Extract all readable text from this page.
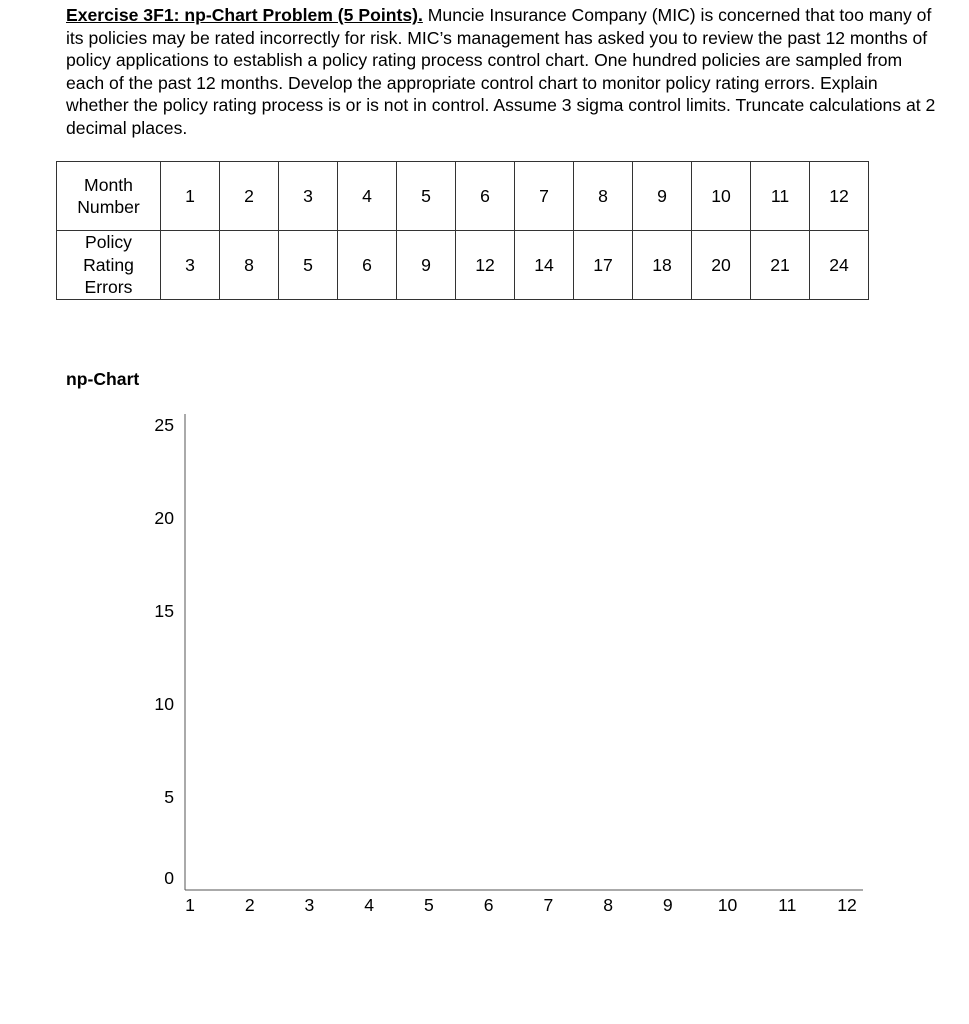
Exercise 3F1: np-Chart Problem (5 Points). Muncie Insurance Company (MIC) is concerned that too many of its policies may be rated incorrectly for risk. MIC’s management has asked you to review the past 12 months of policy applications to establish a policy rating process control chart. One hundred policies are sampled from each of the past 12 months. Develop the appropriate control chart to monitor policy rating errors. Explain whether the policy rating process is or is not in control. Assume 3 sigma control limits. Truncate calculations at 2 decimal places.
Month
Number	1	2	3	4	5	6	7	8	9	10	11	12

Policy
Rating
Errors	3	8	5	6	9	12	14	17	18	20	21	24
np-Chart
0
5
10
15
20
25
1	2	3	4	5	6	7	8	9	10 11 12
